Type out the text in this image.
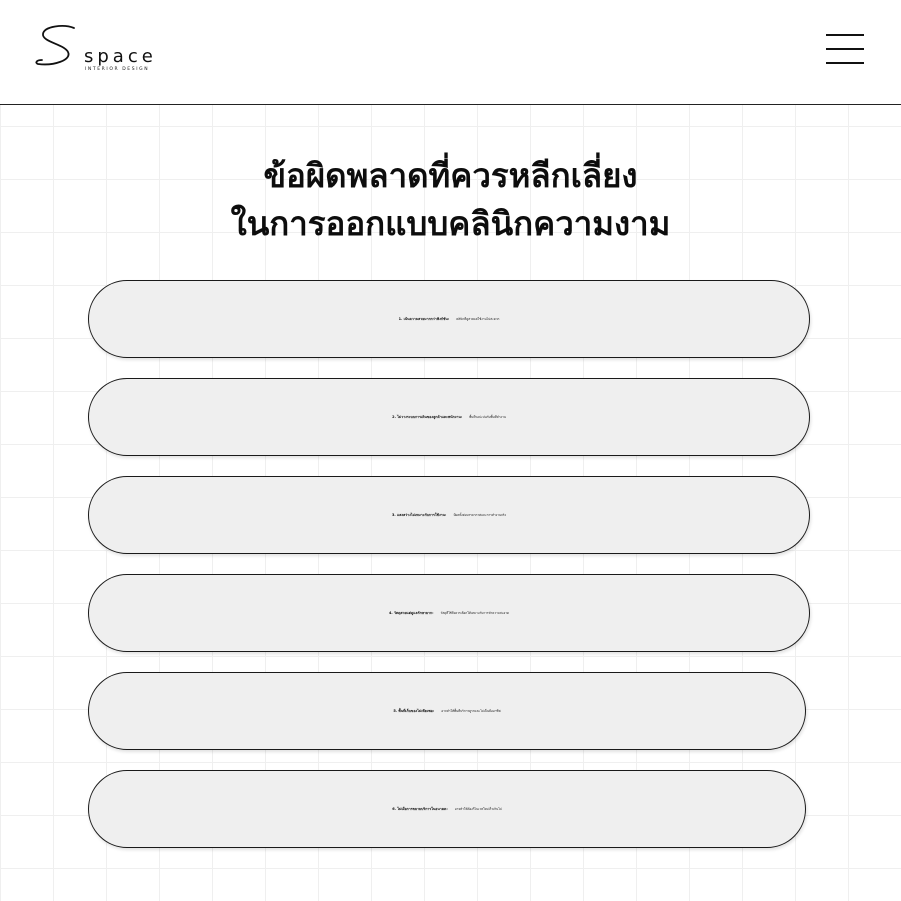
space
INTERIOR DESIGN
ข้อผิดพลาดที่ควรหลีกเลี่ยง
ในการออกแบบคลินิกความงาม
1. เน้นความสวยมากกว่าฟังก์ชัน: คลินิกที่ดูสวยแต่ใช้งานไม่สะดวก
2. ไม่วางระบบการเดินของลูกค้าและพนักงาน: พื้นที่รอปะปนกับพื้นที่ทำงาน
3. แสงสว่างไม่เหมาะกับการใช้งาน: มีผลทั้งต่อบรรยากาศและการทำงานจริง
4. วัสดุสวยแต่ดูแลรักษายาก: วัสดุที่ใช้จึงควรเลือกให้เหมาะกับการทำความสะอาด
5. พื้นที่เก็บของไม่เพียงพอ: อาจทำให้พื้นที่บริการดูรกและไม่เป็นมืออาชีพ
6. ไม่เผื่อการขยายบริการในอนาคต: อาจทำให้ต้องรีโนเวทใหม่เร็วเกินไป
